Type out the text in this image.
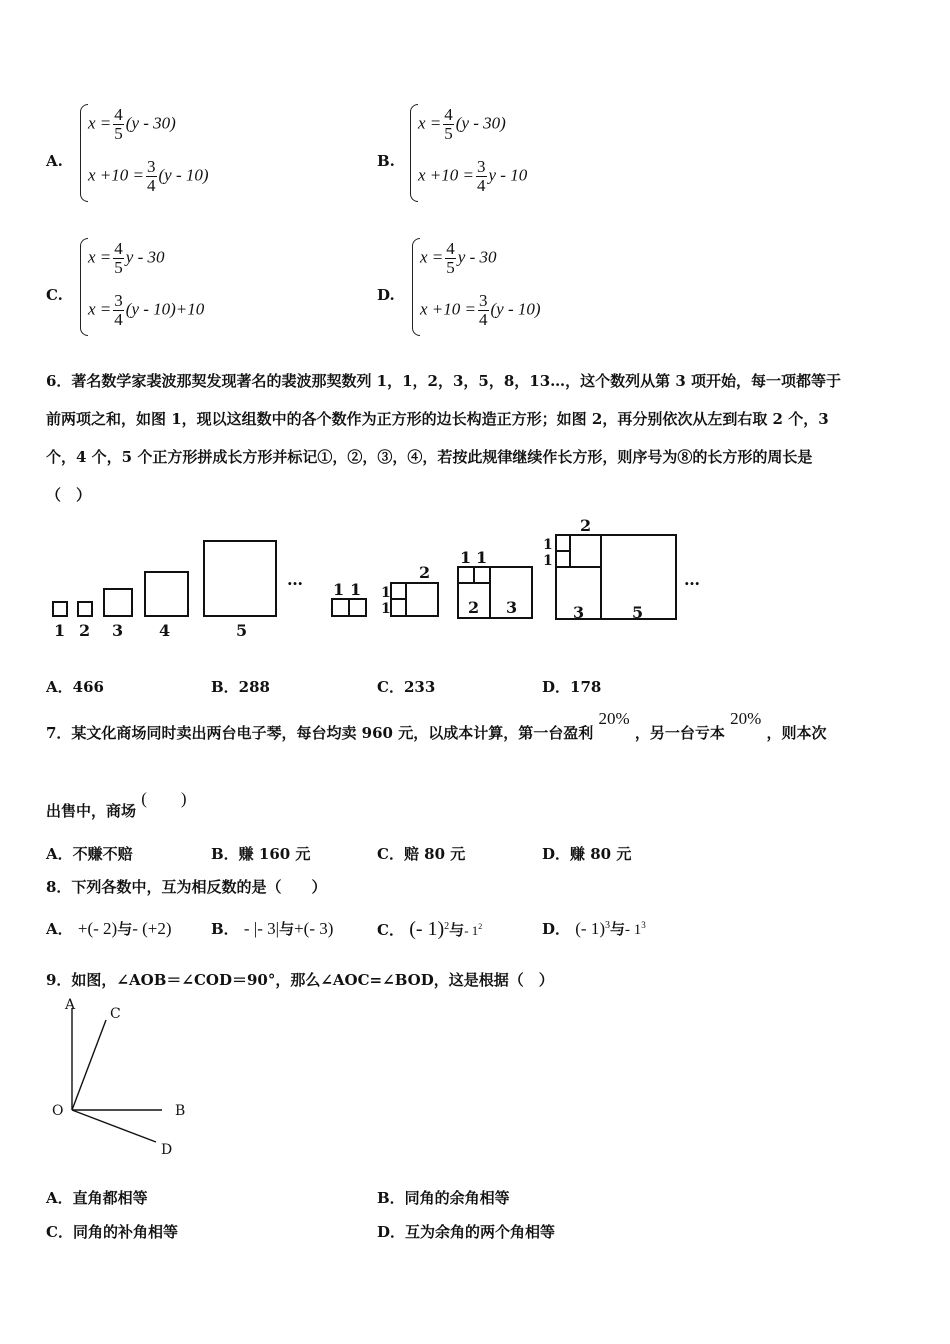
A.
$x = \frac{4}{5} (y - 30)$
$x +10 = \frac{3}{4} (y - 10)$
B.
$x = \frac{4}{5} (y - 30)$
$x +10 = \frac{3}{4}$ y - 10
C.
$x = \frac{4}{5}$ y - 30
$x = \frac{3}{4} (y - 10)+10$
D.
$x = \frac{4}{5}$ y - 30
$x +10 = \frac{3}{4} (y - 10)$
6．著名数学家裴波那契发现著名的裴波那契数列 1，1，2，3，5，8，13…，这个数列从第 3 项开始，每一项都等于
前两项之和，如图 1，现以这组数中的各个数作为正方形的边长构造正方形；如图 2，再分别依次从左到右取 2 个，3
个，4 个，5 个正方形拼成长方形并标记①，②，③，④，若按此规律继续作长方形，则序号为⑧的长方形的周长是
（　）
1 2 3 4	5
…
1 1 1
1
2
1 1
2 3
1
1
2
3	5
…
A．466	B．288	C．233	D．178
7．某文化商场同时卖出两台电子琴，每台均卖 960 元，以成本计算，第一台盈利 20% ，另一台亏本 20% ，则本次
出售中，商场 (　　)
A．不赚不赔	B．赚 160 元	C．赔 80 元	D．赚 80 元
8．下列各数中，互为相反数的是（　　）
A． +(- 2)与- (+2)	B． - |- 3|与+(- 3)	C． (- 1)$^2$与- $1^2$	D． (- 1)$^3$与- $1^3$
9．如图，∠AOB＝∠COD＝90°，那么∠AOC=∠BOD，这是根据（　）
A
C
O	B
D
A．直角都相等	B．同角的余角相等
C．同角的补角相等	D．互为余角的两个角相等
